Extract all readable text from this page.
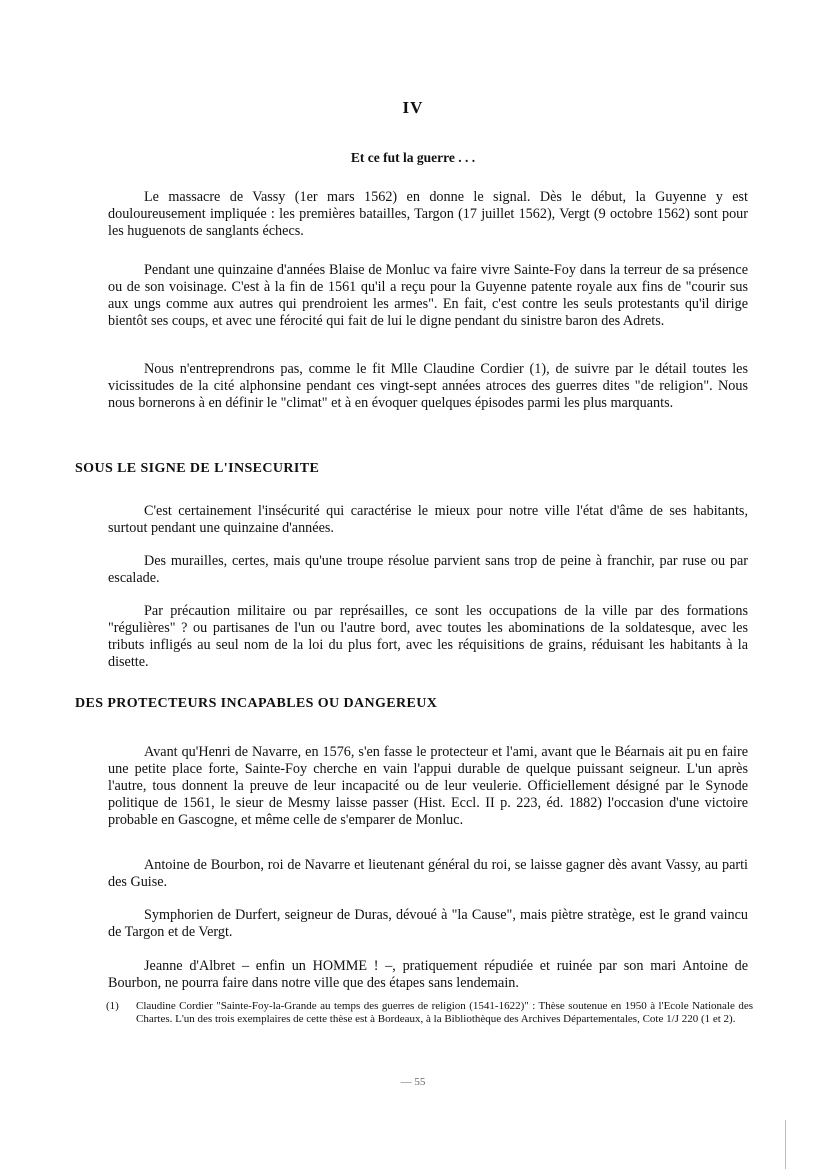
IV
Et ce fut la guerre . . .

Le massacre de Vassy (1er mars 1562) en donne le signal. Dès le début, la Guyenne y est douloureusement impliquée : les premières batailles, Targon (17 juillet 1562), Vergt (9 octobre 1562) sont pour les huguenots de sanglants échecs.

Pendant une quinzaine d'années Blaise de Monluc va faire vivre Sainte-Foy dans la terreur de sa présence ou de son voisinage. C'est à la fin de 1561 qu'il a reçu pour la Guyenne patente royale aux fins de "courir sus aux ungs comme aux autres qui prendroient les armes". En fait, c'est contre les seuls protestants qu'il dirige bientôt ses coups, et avec une férocité qui fait de lui le digne pendant du sinistre baron des Adrets.

Nous n'entreprendrons pas, comme le fit Mlle Claudine Cordier (1), de suivre par le détail toutes les vicissitudes de la cité alphonsine pendant ces vingt-sept années atroces des guerres dites "de religion". Nous nous bornerons à en définir le "climat" et à en évoquer quelques épisodes parmi les plus marquants.

SOUS LE SIGNE DE L'INSECURITE

C'est certainement l'insécurité qui caractérise le mieux pour notre ville l'état d'âme de ses habitants, surtout pendant une quinzaine d'années.

Des murailles, certes, mais qu'une troupe résolue parvient sans trop de peine à franchir, par ruse ou par escalade.

Par précaution militaire ou par représailles, ce sont les occupations de la ville par des formations "régulières" ? ou partisanes de l'un ou l'autre bord, avec toutes les abominations de la soldatesque, avec les tributs infligés au seul nom de la loi du plus fort, avec les réquisitions de grains, réduisant les habitants à la disette.

DES PROTECTEURS INCAPABLES OU DANGEREUX

Avant qu'Henri de Navarre, en 1576, s'en fasse le protecteur et l'ami, avant que le Béarnais ait pu en faire une petite place forte, Sainte-Foy cherche en vain l'appui durable de quelque puissant seigneur. L'un après l'autre, tous donnent la preuve de leur incapacité ou de leur veulerie. Officiellement désigné par le Synode politique de 1561, le sieur de Mesmy laisse passer (Hist. Eccl. II p. 223, éd. 1882) l'occasion d'une victoire probable en Gascogne, et même celle de s'emparer de Monluc.

Antoine de Bourbon, roi de Navarre et lieutenant général du roi, se laisse gagner dès avant Vassy, au parti des Guise.

Symphorien de Durfert, seigneur de Duras, dévoué à "la Cause", mais piètre stratège, est le grand vaincu de Targon et de Vergt.

Jeanne d'Albret – enfin un HOMME ! –, pratiquement répudiée et ruinée par son mari Antoine de Bourbon, ne pourra faire dans notre ville que des étapes sans lendemain.

(1)	Claudine Cordier "Sainte-Foy-la-Grande au temps des guerres de religion (1541-1622)" : Thèse soutenue en 1950 à l'Ecole Nationale des Chartes. L'un des trois exemplaires de cette thèse est à Bordeaux, à la Bibliothèque des Archives Départementales, Cote 1/J 220 (1 et 2).
— 55
